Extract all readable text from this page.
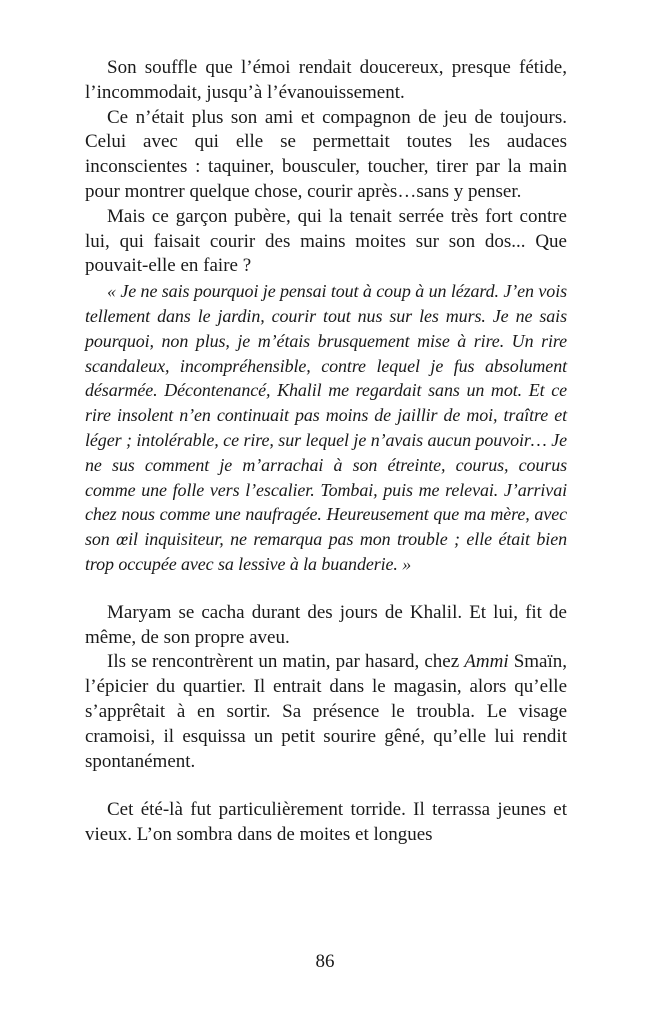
Son souffle que l’émoi rendait doucereux, presque fétide, l’incommodait, jusqu’à l’évanouissement.

Ce n’était plus son ami et compagnon de jeu de toujours. Celui avec qui elle se permettait toutes les audaces inconscientes : taquiner, bousculer, toucher, tirer par la main pour montrer quelque chose, courir après…sans y penser.

Mais ce garçon pubère, qui la tenait serrée très fort contre lui, qui faisait courir des mains moites sur son dos... Que pouvait-elle en faire ?

« Je ne sais pourquoi je pensai tout à coup à un lézard. J’en vois tellement dans le jardin, courir tout nus sur les murs. Je ne sais pourquoi, non plus, je m’étais brusquement mise à rire. Un rire scandaleux, incompréhensible, contre lequel je fus absolument désarmée. Décontenancé, Khalil me regardait sans un mot. Et ce rire insolent n’en continuait pas moins de jaillir de moi, traître et léger ; intolérable, ce rire, sur lequel je n’avais aucun pouvoir… Je ne sus comment je m’arrachai à son étreinte, courus, courus comme une folle vers l’escalier. Tombai, puis me relevai. J’arrivai chez nous comme une naufragée. Heureusement que ma mère, avec son œil inquisiteur, ne remarqua pas mon trouble ; elle était bien trop occupée avec sa lessive à la buanderie. »

Maryam se cacha durant des jours de Khalil. Et lui, fit de même, de son propre aveu.

Ils se rencontrèrent un matin, par hasard, chez Ammi Smaïn, l’épicier du quartier. Il entrait dans le magasin, alors qu’elle s’apprêtait à en sortir. Sa présence le troubla. Le visage cramoisi, il esquissa un petit sourire gêné, qu’elle lui rendit spontanément.

Cet été-là fut particulièrement torride. Il terrassa jeunes et vieux. L’on sombra dans de moites et longues

86
